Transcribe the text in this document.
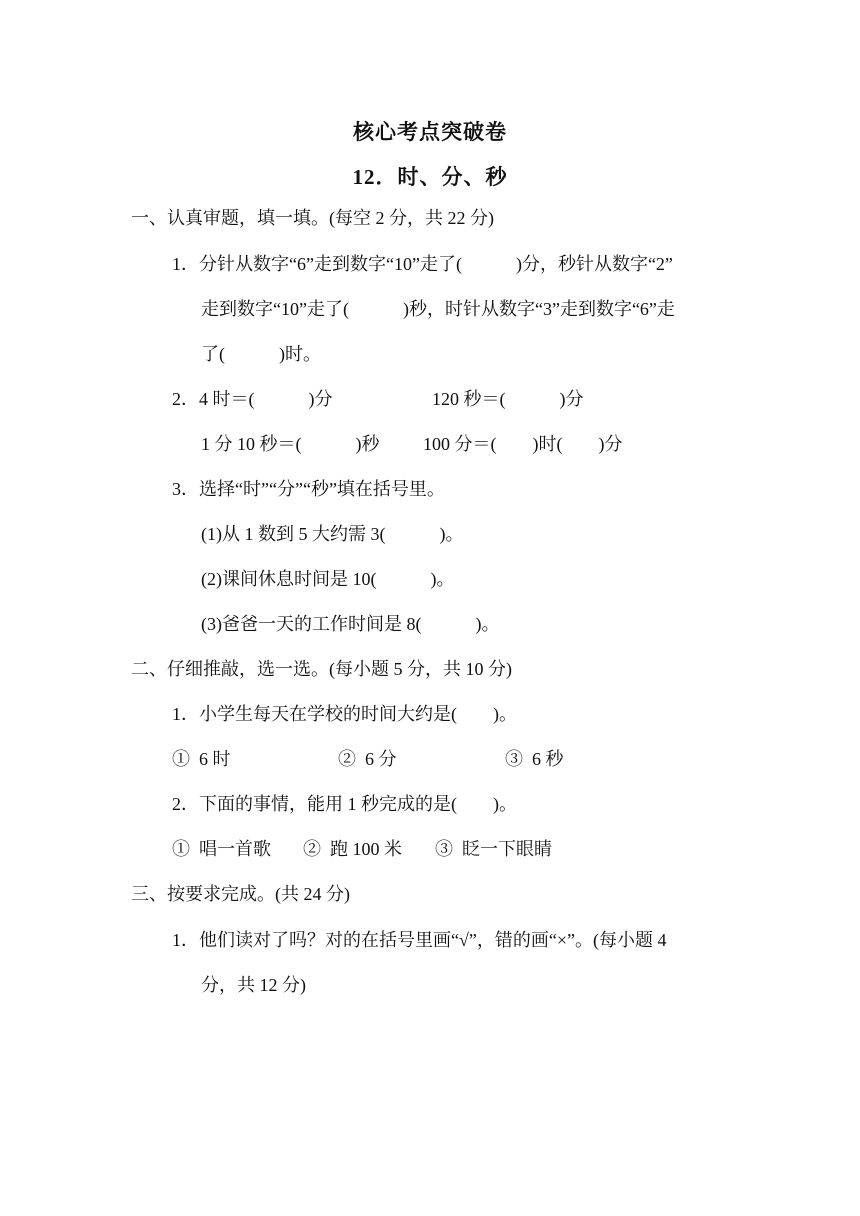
核心考点突破卷
12．时、分、秒
一、认真审题，填一填。(每空 2 分，共 22 分)
1．分针从数字“6”走到数字“10”走了(　　　)分，秒针从数字“2”
走到数字“10”走了(　　　)秒，时针从数字“3”走到数字“6”走
了(　　　)时。
2．4 时＝(　　　)分	120 秒＝(　　　)分
1 分 10 秒＝(　　　)秒 100 分＝(　　)时(　　)分
3．选择“时”“分”“秒”填在括号里。
(1)从 1 数到 5 大约需 3(　　　)。
(2)课间休息时间是 10(　　　)。
(3)爸爸一天的工作时间是 8(　　　)。
二、仔细推敲，选一选。(每小题 5 分，共 10 分)
1．小学生每天在学校的时间大约是(　　)。
①  6 时	②  6 分	③  6 秒
2．下面的事情，能用 1 秒完成的是(　　)。
①  唱一首歌 ②  跑 100 米 ③  眨一下眼睛
三、按要求完成。(共 24 分)
1．他们读对了吗？对的在括号里画“√”，错的画“×”。(每小题 4
分，共 12 分)
